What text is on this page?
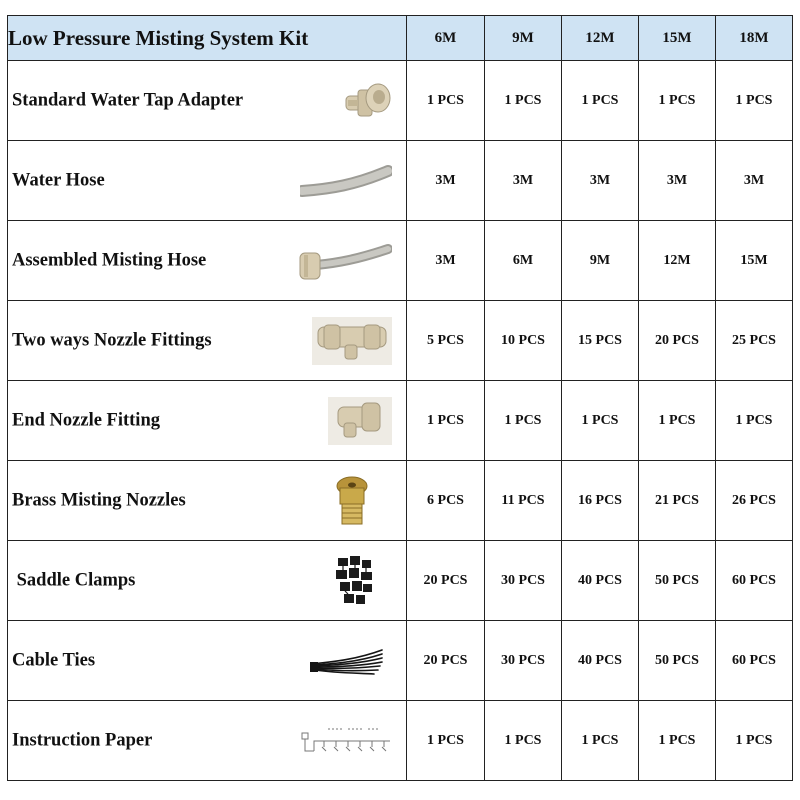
Low Pressure Misting System Kit	6M	9M	12M	15M	18M

Standard Water Tap Adapter	1 PCS	1 PCS	1 PCS	1 PCS	1 PCS

Water Hose	3M	3M	3M	3M	3M

Assembled Misting Hose	3M	6M	9M	12M	15M

Two ways Nozzle Fittings	5 PCS	10 PCS	15 PCS	20 PCS	25 PCS

End Nozzle Fitting	1 PCS	1 PCS	1 PCS	1 PCS	1 PCS

Brass Misting Nozzles	6 PCS	11 PCS	16 PCS	21 PCS	26 PCS

Saddle Clamps	20 PCS	30 PCS	40 PCS	50 PCS	60 PCS

Cable Ties	20 PCS	30 PCS	40 PCS	50 PCS	60 PCS

Instruction Paper	1 PCS	1 PCS	1 PCS	1 PCS	1 PCS
